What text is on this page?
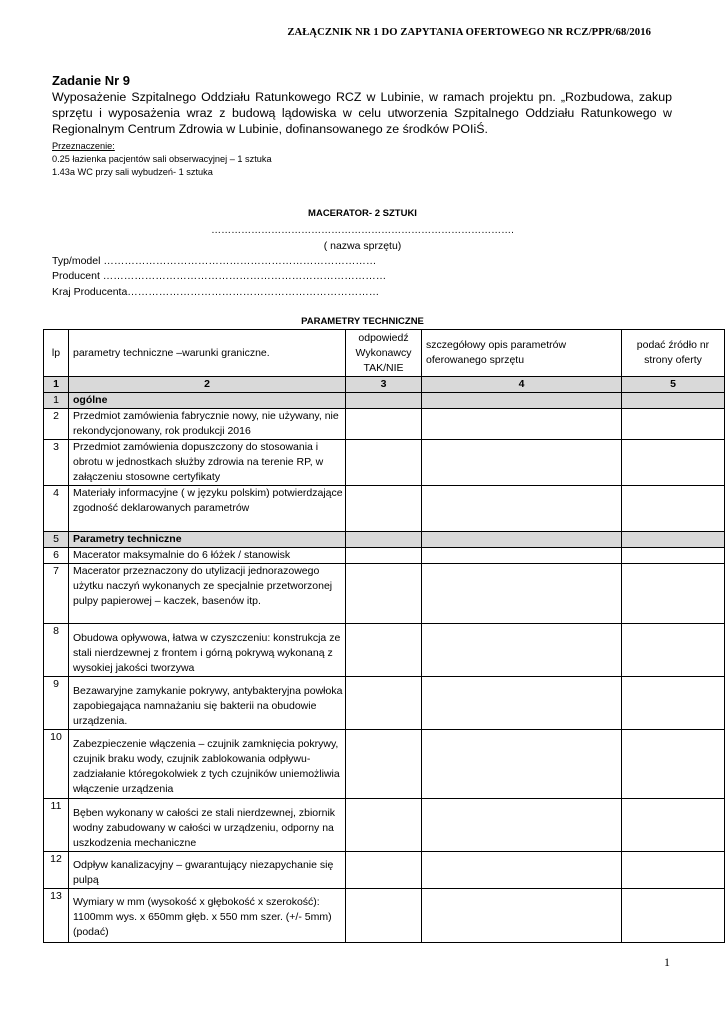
ZAŁĄCZNIK NR 1 DO ZAPYTANIA OFERTOWEGO NR RCZ/PPR/68/2016
Zadanie Nr 9
Wyposażenie Szpitalnego Oddziału Ratunkowego RCZ w Lubinie, w ramach projektu pn. „Rozbudowa, zakup sprzętu i wyposażenia wraz z budową lądowiska w celu utworzenia Szpitalnego Oddziału Ratunkowego w Regionalnym Centrum Zdrowia w Lubinie, dofinansowanego ze środków POIiŚ.
Przeznaczenie:
0.25 łazienka pacjentów sali obserwacyjnej – 1 sztuka
1.43a WC przy sali wybudzeń- 1 sztuka
MACERATOR- 2 SZTUKI
……………………………………………………………………………….
( nazwa sprzętu)
Typ/model ……………………………………………………………………
Producent ………………………………………………………………………
Kraj Producenta………………………………………………………………
PARAMETRY TECHNICZNE
lp	parametry techniczne –warunki graniczne.	odpowiedź Wykonawcy TAK/NIE	szczegółowy opis parametrów oferowanego sprzętu	podać źródło nr strony oferty
1	2	3	4	5
1	ogólne			
2	Przedmiot zamówienia fabrycznie nowy, nie używany, nie rekondycjonowany, rok produkcji 2016			
3	Przedmiot zamówienia dopuszczony do stosowania i obrotu w jednostkach służby zdrowia na terenie RP, w załączeniu stosowne certyfikaty			
4	Materiały informacyjne ( w języku polskim) potwierdzające zgodność deklarowanych parametrów			
5	Parametry techniczne			
6	Macerator maksymalnie do 6 łóżek / stanowisk			
7	Macerator przeznaczony do utylizacji jednorazowego użytku naczyń wykonanych ze specjalnie przetworzonej pulpy papierowej – kaczek, basenów itp.			
8	Obudowa opływowa, łatwa w czyszczeniu: konstrukcja ze stali nierdzewnej z frontem i górną pokrywą wykonaną z wysokiej jakości tworzywa			
9	Bezawaryjne zamykanie pokrywy, antybakteryjna powłoka zapobiegająca namnażaniu się bakterii na obudowie urządzenia.			
10	Zabezpieczenie włączenia – czujnik zamknięcia pokrywy, czujnik braku wody, czujnik zablokowania odpływu- zadziałanie któregokolwiek z tych czujników uniemożliwia włączenie urządzenia			
11	Bęben wykonany w całości ze stali nierdzewnej, zbiornik wodny zabudowany w całości w urządzeniu, odporny na uszkodzenia mechaniczne			
12	Odpływ kanalizacyjny – gwarantujący niezapychanie się pulpą			
13	Wymiary w mm (wysokość x głębokość x szerokość): 1100mm wys. x 650mm głęb. x 550 mm szer. (+/- 5mm) (podać)			
1
